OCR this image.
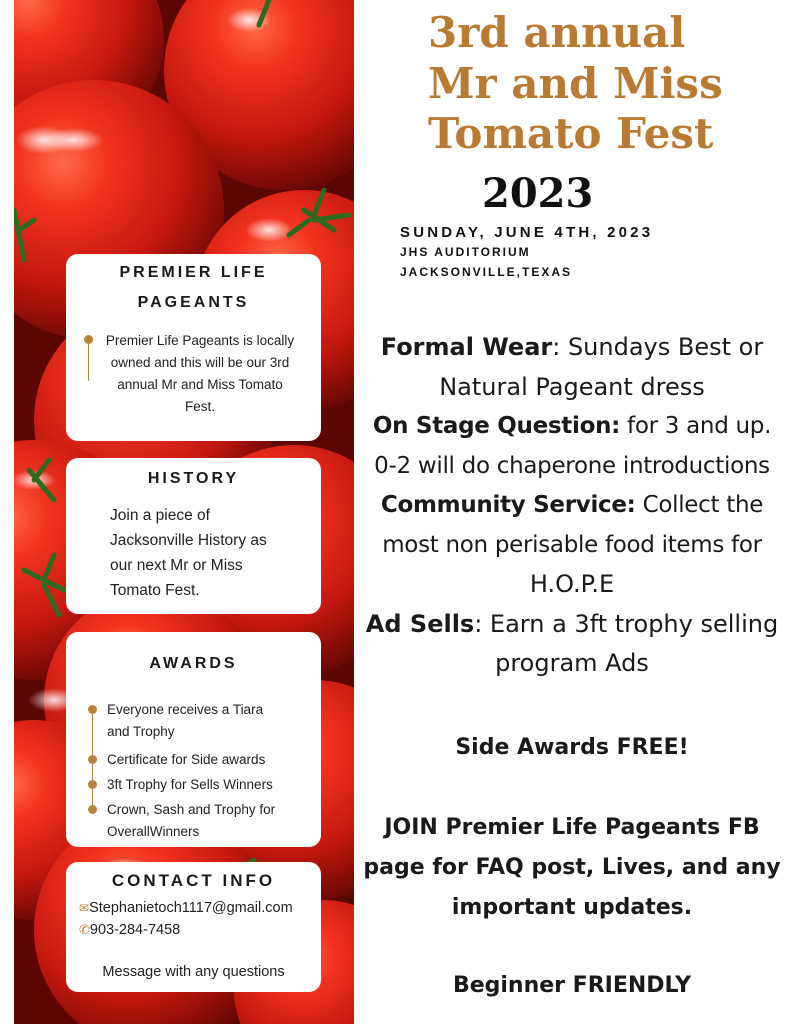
PREMIER LIFE
PAGEANTS
Premier Life Pageants is locally
owned and this will be our 3rd
annual Mr and Miss Tomato
Fest.
HISTORY
Join a piece of
Jacksonville History as
our next Mr or Miss
Tomato Fest.
AWARDS
Everyone receives a Tiara
and Trophy
Certificate for Side awards
3ft Trophy for Sells Winners
Crown, Sash and Trophy for
OverallWinners
CONTACT INFO
✉Stephanietoch1117@gmail.com
✆903-284-7458
Message with any questions
3rd annual
Mr and Miss
Tomato Fest
2023
SUNDAY, JUNE 4TH, 2023
JHS AUDITORIUM
JACKSONVILLE,TEXAS
Formal Wear: Sundays Best or
Natural Pageant dress
On Stage Question: for 3 and up.
0-2 will do chaperone introductions
Community Service: Collect the
most non perisable food items for
H.O.P.E
Ad Sells: Earn a 3ft trophy selling
program Ads
Side Awards FREE!
JOIN Premier Life Pageants FB
page for FAQ post, Lives, and any
important updates.
Beginner FRIENDLY
